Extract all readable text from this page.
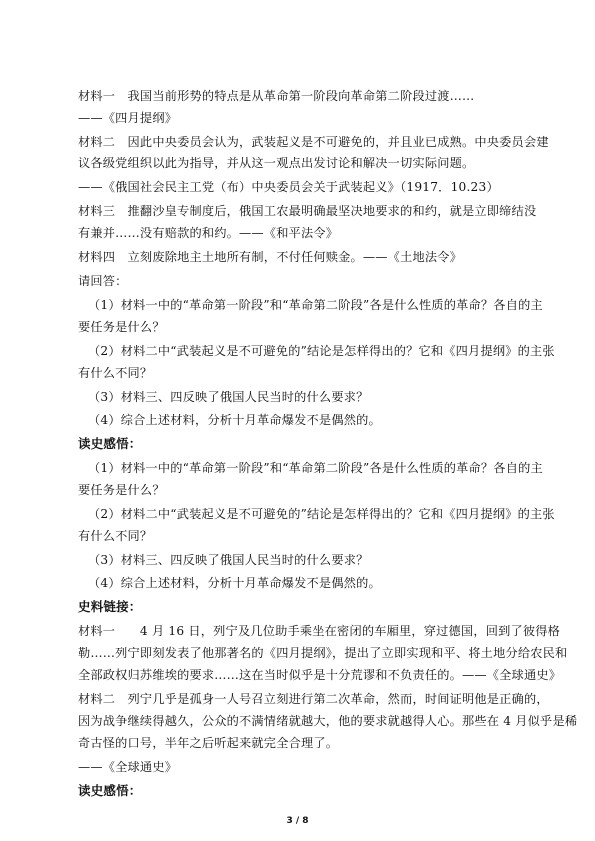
材料一　我国当前形势的特点是从革命第一阶段向革命第二阶段过渡……
——《四月提纲》
材料二　因此中央委员会认为，武装起义是不可避免的，并且业已成熟。中央委员会建
议各级党组织以此为指导，并从这一观点出发讨论和解决一切实际问题。
——《俄国社会民主工党（布）中央委员会关于武装起义》（1917．10.23）
材料三　推翻沙皇专制度后，俄国工农最明确最坚决地要求的和约，就是立即缔结没
有兼并……没有赔款的和约。——《和平法令》
材料四　立刻废除地主土地所有制，不付任何赎金。——《土地法令》
请回答：
（1）材料一中的“革命第一阶段”和“革命第二阶段”各是什么性质的革命？各自的主
要任务是什么？
（2）材料二中“武装起义是不可避免的”结论是怎样得出的？它和《四月提纲》的主张
有什么不同？
（3）材料三、四反映了俄国人民当时的什么要求？
（4）综合上述材料，分析十月革命爆发不是偶然的。
读史感悟：
（1）材料一中的“革命第一阶段”和“革命第二阶段”各是什么性质的革命？各自的主
要任务是什么？
（2）材料二中“武装起义是不可避免的”结论是怎样得出的？它和《四月提纲》的主张
有什么不同？
（3）材料三、四反映了俄国人民当时的什么要求？
（4）综合上述材料，分析十月革命爆发不是偶然的。
史料链接：
材料一　　4 月 16 日，列宁及几位助手乘坐在密闭的车厢里，穿过德国，回到了彼得格
勒……列宁即刻发表了他那著名的《四月提纲》，提出了立即实现和平、将土地分给农民和
全部政权归苏维埃的要求……这在当时似乎是十分荒谬和不负责任的。——《全球通史》
材料二　列宁几乎是孤身一人号召立刻进行第二次革命，然而，时间证明他是正确的，
因为战争继续得越久，公众的不满情绪就越大，他的要求就越得人心。那些在 4 月似乎是稀
奇古怪的口号，半年之后听起来就完全合理了。
——《全球通史》
读史感悟：
3 / 8
